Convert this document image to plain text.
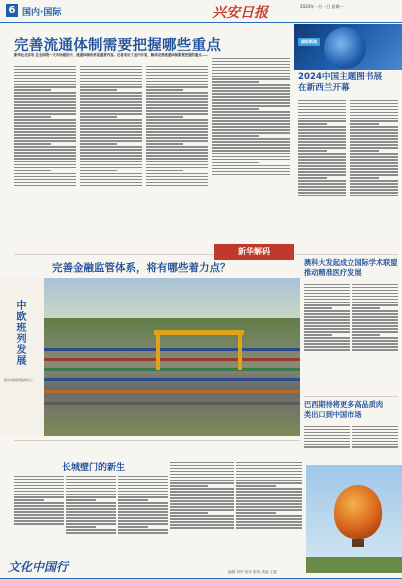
6 国内·国际	兴安日报	2024年一月一日 星期一
完善流通体制需要把握哪些重点
新华社北京电 在全国统一大市场建设中，流通体制改革是重要内容。记者采访了业内专家，解读完善流通体制需要把握的重点……
国际新闻
2024中国主题图书展
在新西兰开幕
完善金融监管体系，将有哪些着力点？
新华解码
中欧班列发展
图为中欧班列集结中心。
澳科大发起成立国际学术联盟
推动精准医疗发展
巴西期待将更多高品质肉
类出口到中国市场
长城壁门的新生
文化中国行	编辑 刘华 校对 张明 美编 王磊
